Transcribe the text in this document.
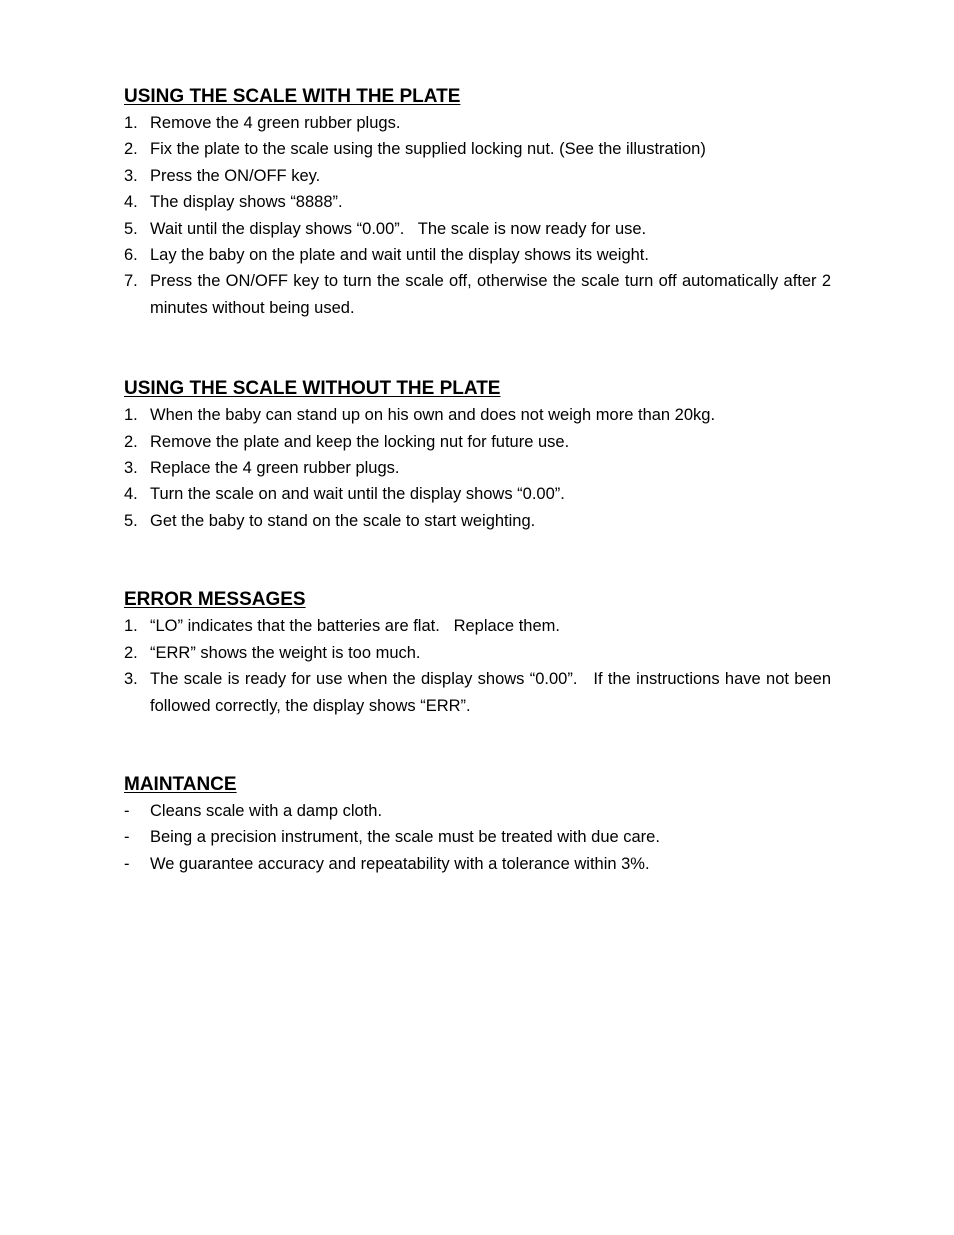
USING THE SCALE WITH THE PLATE
1. Remove the 4 green rubber plugs.
2. Fix the plate to the scale using the supplied locking nut. (See the illustration)
3. Press the ON/OFF key.
4. The display shows “8888”.
5. Wait until the display shows “0.00”.   The scale is now ready for use.
6. Lay the baby on the plate and wait until the display shows its weight.
7. Press the ON/OFF key to turn the scale off, otherwise the scale turn off automatically after 2 minutes without being used.
USING THE SCALE WITHOUT THE PLATE
1. When the baby can stand up on his own and does not weigh more than 20kg.
2. Remove the plate and keep the locking nut for future use.
3. Replace the 4 green rubber plugs.
4. Turn the scale on and wait until the display shows “0.00”.
5. Get the baby to stand on the scale to start weighting.
ERROR MESSAGES
1. “LO” indicates that the batteries are flat.   Replace them.
2. “ERR” shows the weight is too much.
3. The scale is ready for use when the display shows “0.00”.   If the instructions have not been followed correctly, the display shows “ERR”.
MAINTANCE
- Cleans scale with a damp cloth.
- Being a precision instrument, the scale must be treated with due care.
- We guarantee accuracy and repeatability with a tolerance within 3%.
